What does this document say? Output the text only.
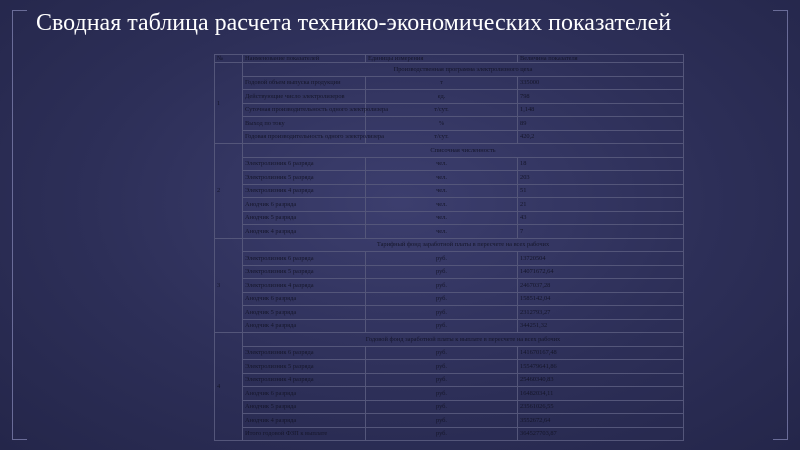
Сводная таблица расчета технико-экономических показателей
№	Наименование показателей	Единицы измерения	Величина показателя
1	Производственная программа электролизного цеха		
	Годовой объем выпуска продукции	т	335000
	Действующие число электролизеров	ед.	798
	Суточная производительность одного электролизера	т/сут.	1,148
	Выход по току	%	89
	Годовая производительность одного электролизера	т/сут.	420,2
2	Списочная численность		
	Электролизник 6 разряда	чел.	18
	Электролизник 5 разряда	чел.	203
	Электролизник 4 разряда	чел.	51
	Анодчик 6 разряда	чел.	21
	Анодчик 5 разряда	чел.	43
	Анодчик 4 разряда	чел.	7
3	Тарифный фонд заработной платы в пересчете на всех рабочих		
	Электролизник 6 разряда	руб.	13720504
	Электролизник 5 разряда	руб.	14071672,64
	Электролизник 4 разряда	руб.	2467037,28
	Анодчик 6 разряда	руб.	1585142,04
	Анодчик 5 разряда	руб.	2312793,27
	Анодчик 4 разряда	руб.	344251,32
4	Годовой фонд заработной платы к выплате в пересчете на всех рабочих		
	Электролизник 6 разряда	руб.	141670167,48
	Электролизник 5 разряда	руб.	155479641,86
	Электролизник 4 разряда	руб.	25460340,83
	Анодчик 6 разряда	руб.	16482034,11
	Анодчик 5 разряда	руб.	23561026,55
	Анодчик 4 разряда	руб.	3552672,64
	Итого годовой ФЗП к выплате	руб.	364527703,87
